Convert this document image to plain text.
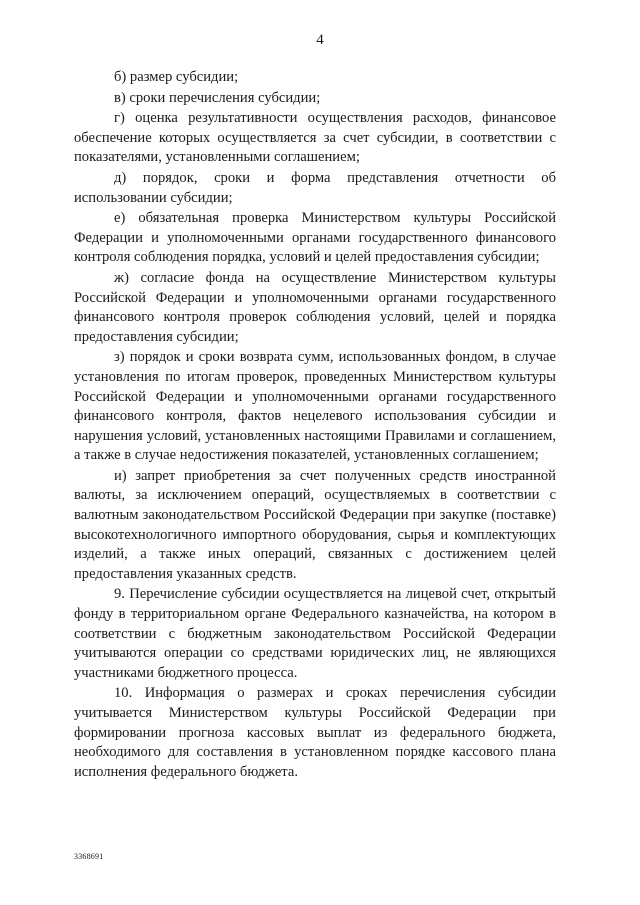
4

б) размер субсидии;

в) сроки перечисления субсидии;

г) оценка результативности осуществления расходов, финансовое обеспечение которых осуществляется за счет субсидии, в соответствии с показателями, установленными соглашением;

д) порядок, сроки и форма представления отчетности об использовании субсидии;

е) обязательная проверка Министерством культуры Российской Федерации и уполномоченными органами государственного финансового контроля соблюдения порядка, условий и целей предоставления субсидии;

ж) согласие фонда на осуществление Министерством культуры Российской Федерации и уполномоченными органами государственного финансового контроля проверок соблюдения условий, целей и порядка предоставления субсидии;

з) порядок и сроки возврата сумм, использованных фондом, в случае установления по итогам проверок, проведенных Министерством культуры Российской Федерации и уполномоченными органами государственного финансового контроля, фактов нецелевого использования субсидии и нарушения условий, установленных настоящими Правилами и соглашением, а также в случае недостижения показателей, установленных соглашением;

и) запрет приобретения за счет полученных средств иностранной валюты, за исключением операций, осуществляемых в соответствии с валютным законодательством Российской Федерации при закупке (поставке) высокотехнологичного импортного оборудования, сырья и комплектующих изделий, а также иных операций, связанных с достижением целей предоставления указанных средств.

9. Перечисление субсидии осуществляется на лицевой счет, открытый фонду в территориальном органе Федерального казначейства, на котором в соответствии с бюджетным законодательством Российской Федерации учитываются операции со средствами юридических лиц, не являющихся участниками бюджетного процесса.

10. Информация о размерах и сроках перечисления субсидии учитывается Министерством культуры Российской Федерации при формировании прогноза кассовых выплат из федерального бюджета, необходимого для составления в установленном порядке кассового плана исполнения федерального бюджета.

3368691
